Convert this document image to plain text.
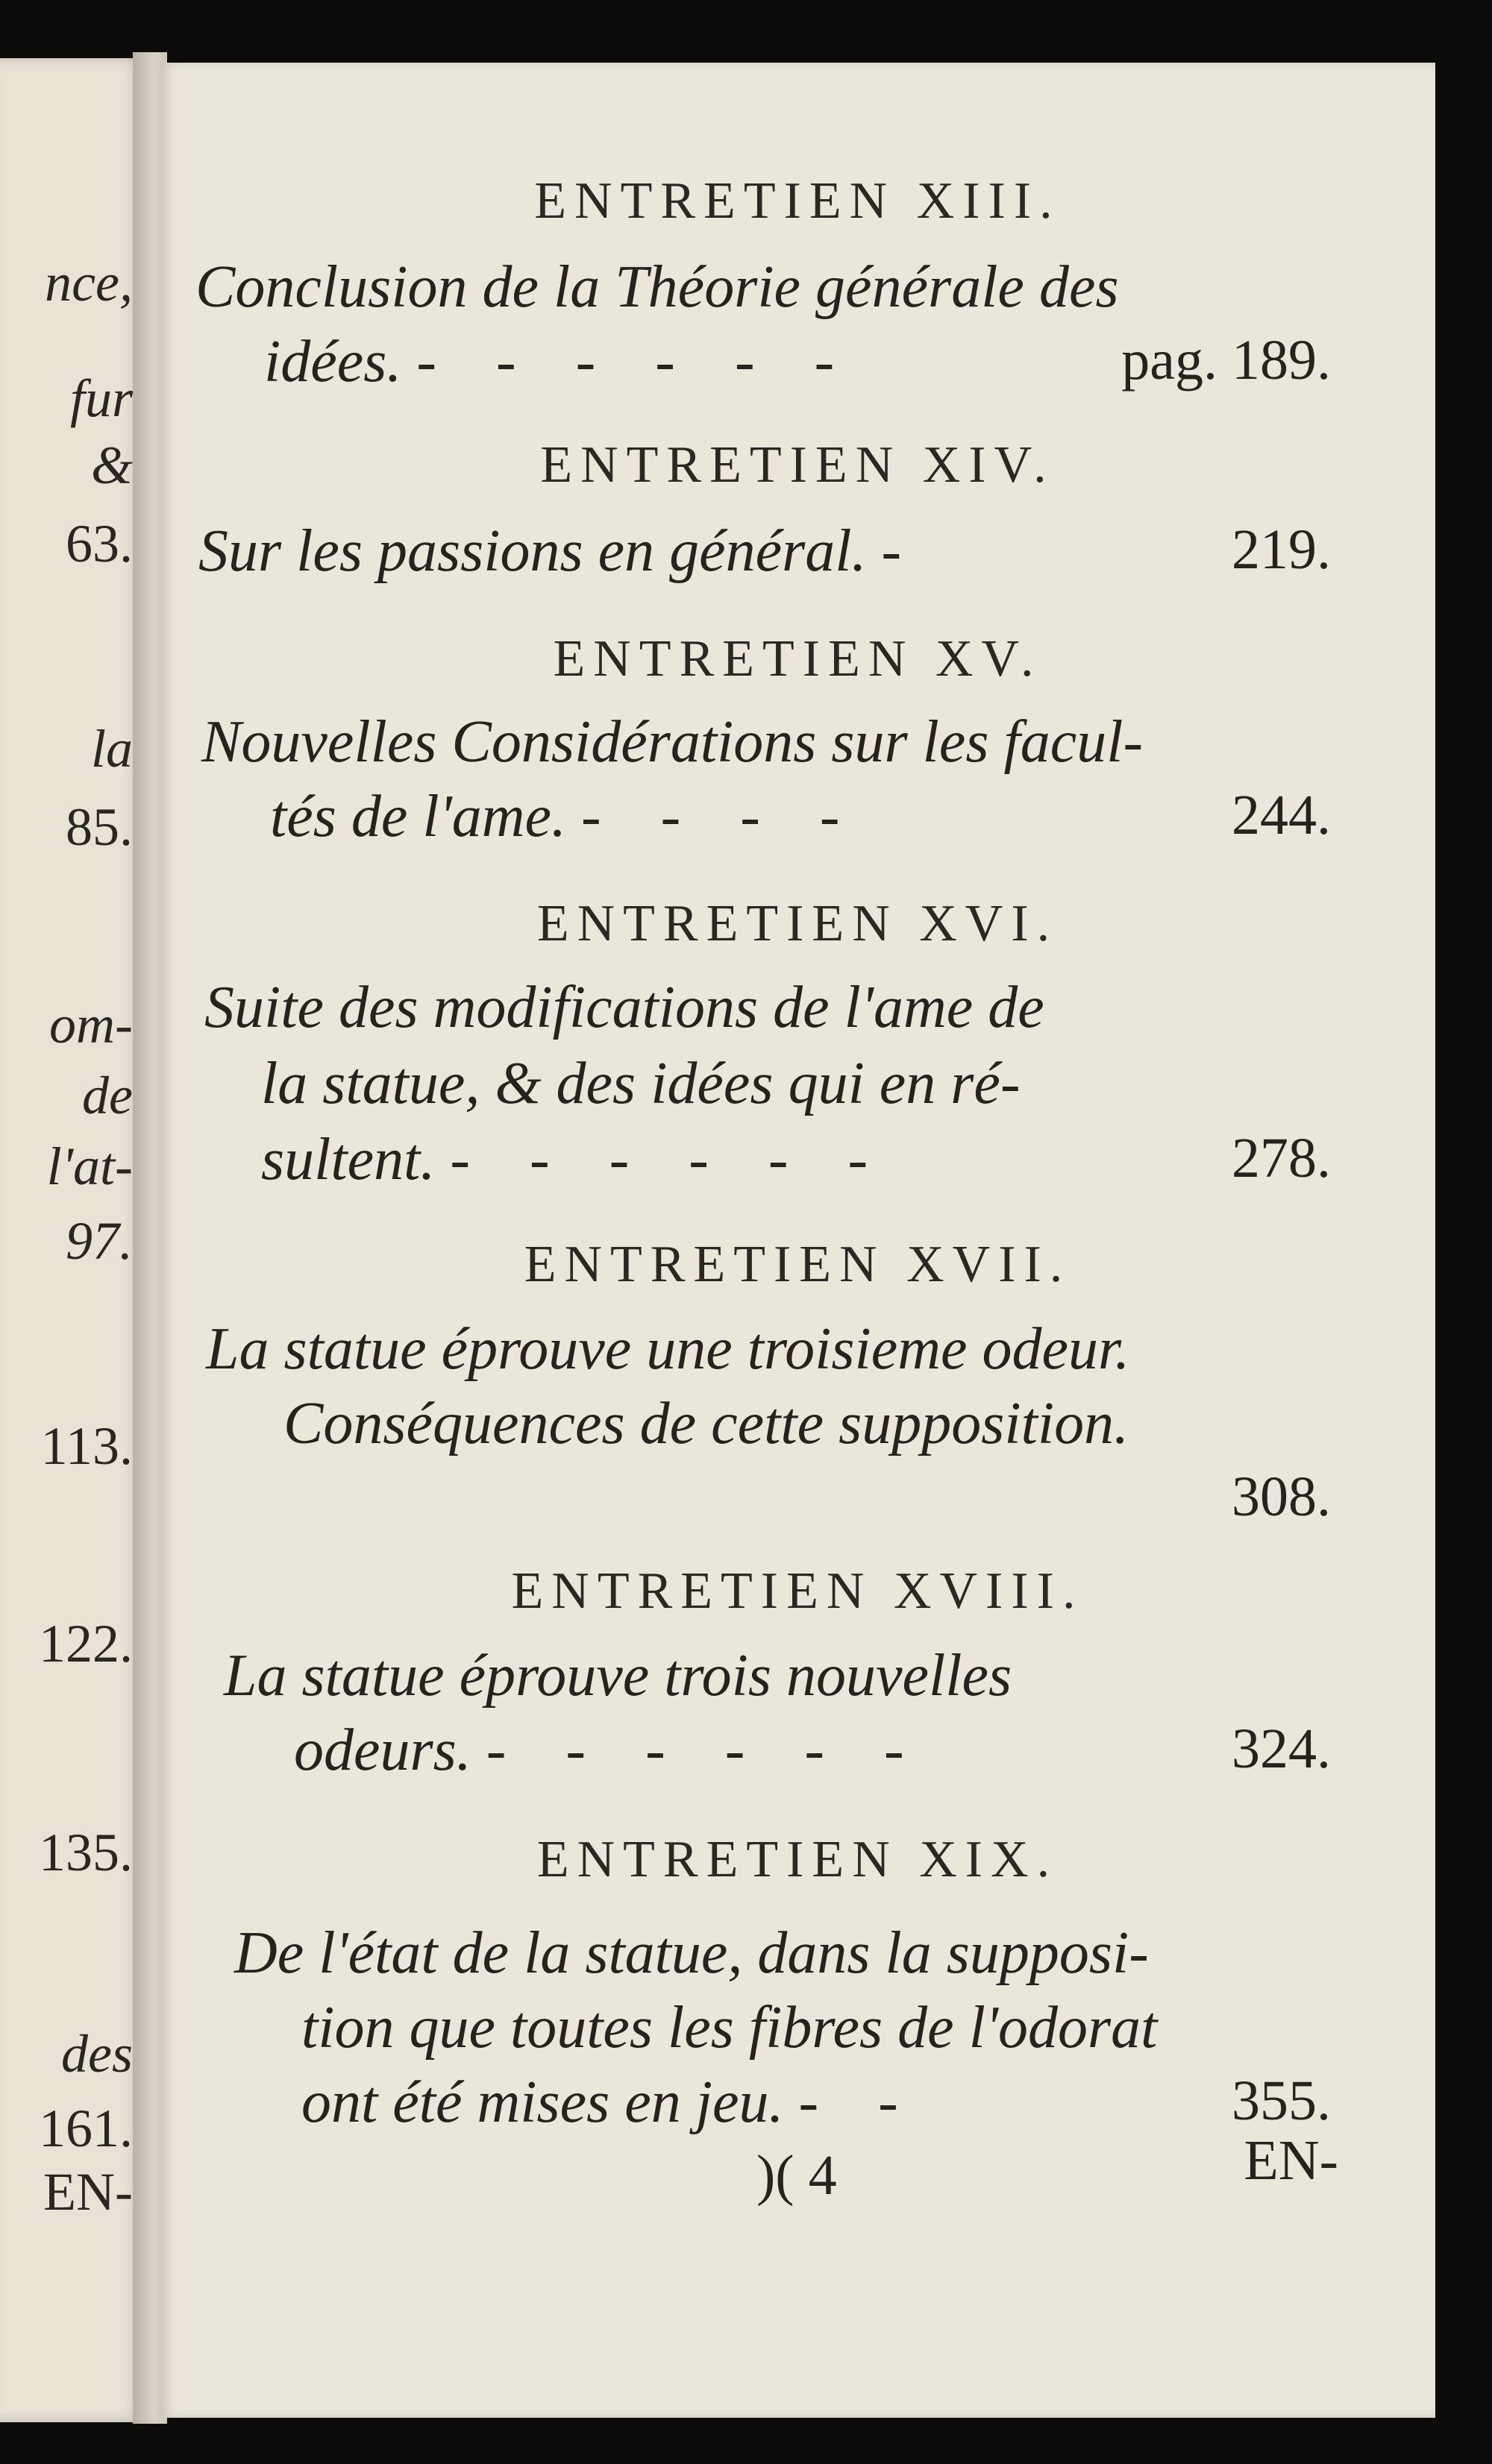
nce,
fur
&
63.
la
85.
om-
de
l'at-
97.
113.
122.
135.
des
161.
EN-
ENTRETIEN XIII.
Conclusion de la Théorie générale des
idées. - - - - - -	pag. 189.
ENTRETIEN XIV.
Sur les passions en général. -	219.
ENTRETIEN XV.
Nouvelles Considérations sur les facul-
tés de l'ame. - - - -	244.
ENTRETIEN XVI.
Suite des modifications de l'ame de
la statue, & des idées qui en ré-
sultent. - - - - - -	278.
ENTRETIEN XVII.
La statue éprouve une troisieme odeur.
Conséquences de cette supposition.
308.
ENTRETIEN XVIII.
La statue éprouve trois nouvelles
odeurs. - - - - - -	324.
ENTRETIEN XIX.
De l'état de la statue, dans la supposi-
tion que toutes les fibres de l'odorat
ont été mises en jeu. - -	355.
)( 4	EN-
